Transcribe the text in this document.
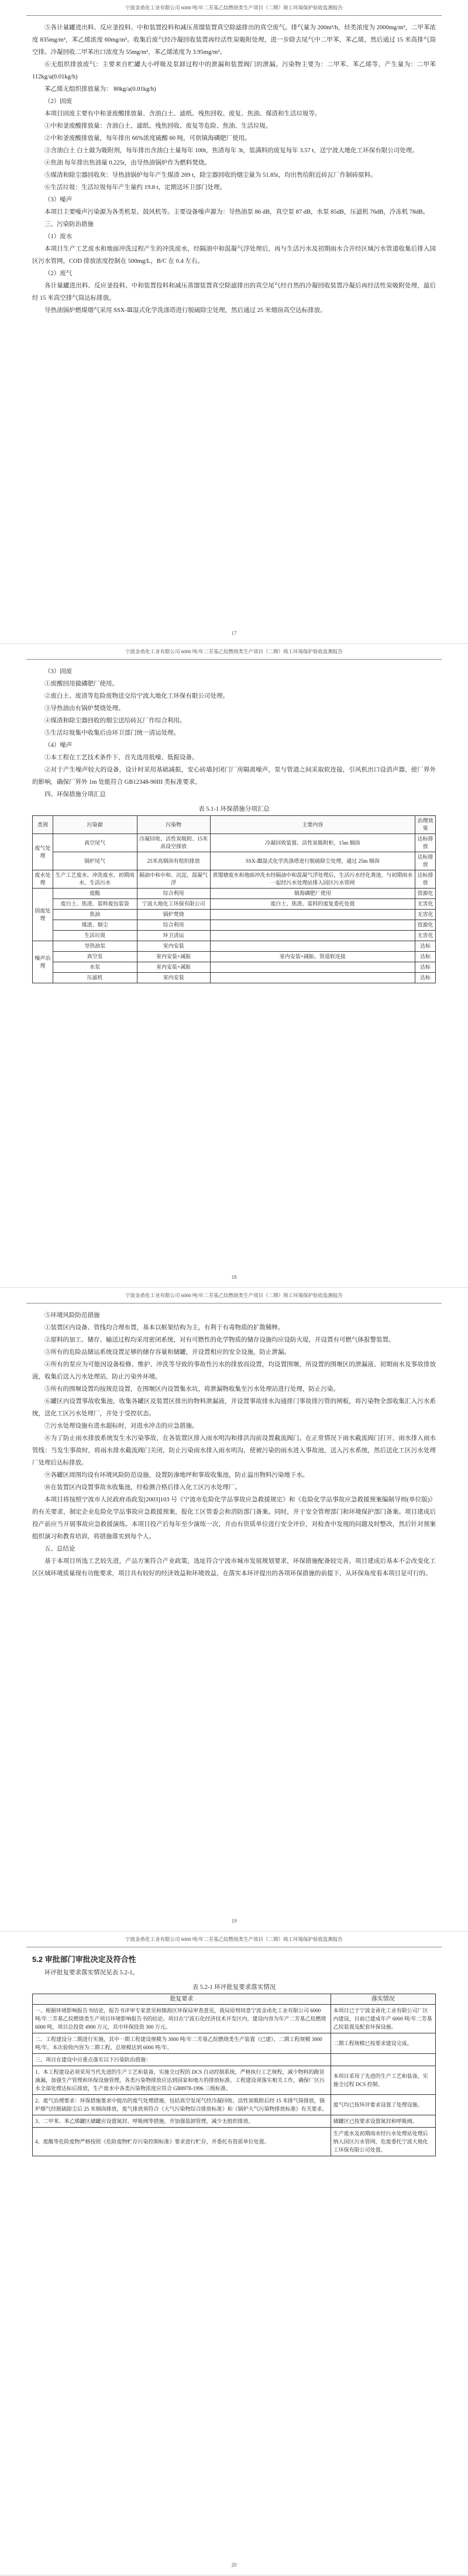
宁波金甬化工业有限公司 6000 吨/年二芳基乙烷燃烧类生产项目（二期）竣工环境保护验收监测报告

⑤各计量罐进出料、反应釜投料、中和装置投料和减压蒸馏装置真空除滤排出的真空废气。排气量为 200m³/h，烃类浓度为 2000mg/m³，二甲苯浓度 835mg/m³，苯乙烯浓度 60mg/m³。收集后废气经冷凝回收装置再经活性炭吸附处理，进一步除去尾气中二甲苯、苯乙烯，然后通过 15 米高排气筒空排。冷凝回收二甲苯出口浓度为 55mg/m³，苯乙烯浓度为 3.95mg/m³。

⑥无组织排放废气：主要来自贮罐大小呼吸及泵卸过程中的泄漏和装置阀门的泄漏。污染物主要为：二甲苯、苯乙烯等，产生量为：二甲苯 112kg/a(0.01kg/h)

苯乙烯无组织排放量为： 80kg/a(0.01kg/h)

（2）固废

本项目固废主要有中和釜废酸排放量、含油白土、滤纸、残焦回收、废复、焦油、煤渣和生活垃圾等。

①中和釜废酸排放量：含油白土、滤纸、残焦回收、废复等危险、焦油、生活垃圾。

②中和釜废酸排放量，每年排出 66%浓度硫酸 60 吨，可供镇海磷肥厂使用。

③含油白土 白土做为吸附剂，每年排出含油白土量每年 100t，焦渣每年 3t，装满料的废复每年 3.57 t，送宁波大地化工环保有限公司处理。

④焦油 每年排出焦油量 0.225t，由导热油锅炉作为燃料焚烧。

⑤煤渣和除尘器回收灰：导热油锅炉每年产生煤渣 269 t，除尘器回收的烟尘量为 51.85t，均出售给附近砖瓦厂作制砖原料。

⑥生活垃圾：生活垃圾每年产生量约 19.8 t，定期送环卫部门处理。

（3）噪声

本项目主要噪声污染源为各类机泵、鼓风机等。主要设备噪声源为：导热油泵 86 dB，真空泵 87 dB，水泵 85dB，压滤机 76dB，冷冻机 78dB。

三、污染防治措施

（1）废水

本项目生产工艺废水和地面冲洗过程产生的冲洗废水，经隔油中和混凝气浮处理后，再与生活污水及初期雨水合并经区域污水管道收集后排入园区污水管网，COD 排放浓度控制在 500mg/L，B/C 在 0.4 左右。

（2）废气

各计量罐进出料、反应釜投料、中和装置投料和减压蒸馏装置真空除滤排出的真空尾气经自然的冷凝回收装置冷凝后再经活性炭吸附处理，最后经 15 米高空排气筒达标排放。

导热油锅炉燃煤烟气采用 SSX-Ⅲ湿式化学洗涤塔进行脱硫除尘处理，然后通过 25 米烟囱高空达标排放。

17
宁波金甬化工业有限公司 6000 吨/年二芳基乙烷燃烧类生产项目（二期）竣工环境保护验收监测报告

（3）固废

①废酸回用做磷肥厂使用。

②废白土、废渣等危险废物送交给宁波大地化工环保有限公司处理。

③导热油由有锅炉焚烧处理。

④煤渣和除尘器回收的烟尘送给砖瓦厂作综合利用。

⑤生活垃圾集中收集后由环卫部门统一清运处理。

（4）噪声

①本工程在工艺技术条件下，首先选用低噪、低振设备。

②对于产生噪声较大的设备，设计时采用基础减振，安心砖墙封闭门厂房隔离噪声，泵与管道之间采取软连接，引风机出口设消声器，使厂界外的影响，确保厂界外 1m 处能符合 GB12348-90III 类标准要求。

四、环保措施分项汇总

表 5.1-1 环保措施分项汇总
类别	污染源	污染物	主要内容	治理效果
废气处理	真空尾气	冷凝回收、活性炭吸附、15米高设空排放	冷凝回收装置、活性炭吸附柜，15m 烟囱	达标排放
	锅炉尾气	25米高烟囱有组织排放	SSX-Ⅲ湿式化学洗涤塔进行脱硫除尘处理，通过 25m 烟囱	达标排放
废水处理	生产工艺废水、冲洗废水、初期雨水、生活污水	隔油中和中和、沉淀，混凝气浮	蒸馏塘废水和地面冲洗水经隔油中和混凝气浮处理后，生活污水经化粪池，与初期雨水一起经污水处理站排入园区污水管网	达标排放
固废处理	废酸	综合利用	镇海磷肥厂使用	资源化
	废白土、焦渣、装料废包装袋	宁波大地化工环保有限公司	废白土、焦渣、装料的废复委托处置	无害化
	焦油	锅炉焚烧		无害化
	煤渣、烟尘	综合利用		资源化
	生活垃圾	环卫清运		无害化
噪声治理	导热油泵	室内安装		达标
	真空泵	室内安装+减振	室内安装+减振、管道软连接	达标
	水泵	室内安装+减振		达标
	压滤机	室内安装		达标
18
宁波金甬化工业有限公司 6000 吨/年二芳基乙烷燃烧类生产项目（二期）竣工环境保护验收监测报告

⑤环境风险防范措施

①装置区内设备、管线均合理布置，基本以框架结构为主，有利于有毒物质的扩散稀释。

②原料的加工、储存、输送过程均采用密闭系统，对有可燃性的化学物质的储存设施均应设防火堤，并设置有可燃气体报警装置。

③所有的危险品储运系统设置足够的储存容量和储罐，并设置相应的安全设施，防止泄漏。

④所有的泵应为可能因设备检修、维护、冲洗等导致的事故性污水的排放而设置，均设置围堰，所设置的围堰区的泄漏液、初期雨水及事故排放液，收集后送入污水处理站，防止污染外环境。

⑤所有的围堰设置均按规范设置，在围堰区内设置集水坑，将泄漏物收集至污水处理站进行处理，防止污染。

⑥罐区内设置事故收集池，收集各罐区及装置区排出的物料泄漏液，并设置事故排水沟通排门事故排污管的闸板，将污染物全部收集汇入污水系统，送化工区污水处理厂，并处于受控状态。

⑦污水处理设施有进水超标时，对进水冲击的应急措施。

⑧为了防止雨水排放系统发生水污染事故，在各装置区排入雨水明沟和排洪沟前设置截流阀门。在正常情况下雨水截流阀门打开，雨水排入雨水管线：当发生事故时，将雨水排水截流阀门关闭，防止污染雨水排入雨水明沟，使被污染的雨水进入事故池，送入污水系统，然后送化工区污水处理厂处理后达标排放。

⑨各罐区周围均设有环境风险防范设施，设置防渗地坪和事故收集池，防止溢出物料污染地下水。

⑩在装置区内设置事故水收集池，经检测合格后排入化工区污水处理厂。

本项目将按照宁波市人民政府甬政发[2003]103 号《宁波市危险化学品事故应急救援规定》和《危险化学品事故应急救援预案编制导则(单位版)》的有关要求，制定企业危险化学品事故应急救援预案，报化工区管委会和消防部门备案。同时，并于安全管理部门和环境保护部门备案。项目建成后投产前应当开展事故应急救援演练。本项目投产后每年至少演练一次，并由有资质单位进行安全评价，对检查中发现的问题及时整改，然后针对预案组织演习和教育培训，将措施落实到每个人。

五、总结论

基于本项目所选工艺较先进，产品方案符合产业政策，选址符合宁波市城市发展规划要求，环保措施配备较完善，项目建成后基本不会改变化工区区域环境质量现有功能要求，项目具有较好的经济效益和环境效益，在落实本环评提出的各项环保措施的前提下，从环保角度看本项目是可行的。

19
宁波金甬化工业有限公司 6000 吨/年二芳基乙烷燃烧类生产项目（二期）竣工环境保护验收监测报告
5.2 审批部门审批决定及符合性

环评批复要求落实情况见表 5.2-1。

表 5.2-1 环评批复要求落实情况
批复要求	落实情况
一、根据环境影响报告书结论，报告书评审专家意见和镇海区环保局审查意见，我局原则同意宁波金甬化工业有限公司 6000 吨/年二芳基乙烷燃烧类生产项目环境影响报告书的结论。项目在宁波石化经济技术开发区内，建设内容为年产二芳基乙烷燃烧 6000 吨，项目总投资 4900 万元，其中环保投资 300 万元。	本项目已于宁波金甬化工业有限公司厂区内建设，目前已建成年产 6000 吨/年二芳基乙烷装置及配套环保设施。
二、工程建设分二期进行实施，其中一期工程建设规模为 3000 吨/年二芳基乙烷燃烧类生产装置（已建），二期工程规模 3000 吨/年，本次验收内容为二期工程，总规模达到 6000 吨/年。	二期工程规模已按要求建设完成。
三、项目在建设中应重点落实以下污染防治措施：	
1、本工程建设必须采用当代先进的生产工艺和装备，实施全过程的 DCS 自动控制系统，严格执行工艺规程，减少物料的跑冒滴漏，加强生产管理和环保设施管理，各类污染物排放应达到国家和地方的排放标准。工程建设须落实相关工作，确保厂区污水全部处理达标后排放，生产废水中各类污染物浓度应符合 GB8978-1996 三级标准。	本项目采用了先进的生产工艺和装备，实施全过程 DCS 控制。
2、废气治理要求：环保措施要求中提出的废气处理措施，包括真空泵尾气经冷凝回收、活性炭吸附后经 15 米排气筒排放，锅炉烟气经脱硫除尘后 25 米烟囱排放，废气排放须符合《大气污染物综合排放标准》和《锅炉大气污染物排放标准》有关要求。	废气均已按环评要求设置了处理设施。
3、二甲苯、苯乙烯罐区储罐应设置氮封、呼吸阀等措施，并加强装卸管理，减少无组织排放。	储罐区已按要求设置氮封和呼吸阀。
4、废酸等危险废物严格按照《危险废物贮存污染控制标准》要求进行贮存，并委托有资质单位处置。	生产废水及初期雨水经污水处理站处理后纳入园区污水管网，危废委托宁波大地化工环保有限公司处置。
20
